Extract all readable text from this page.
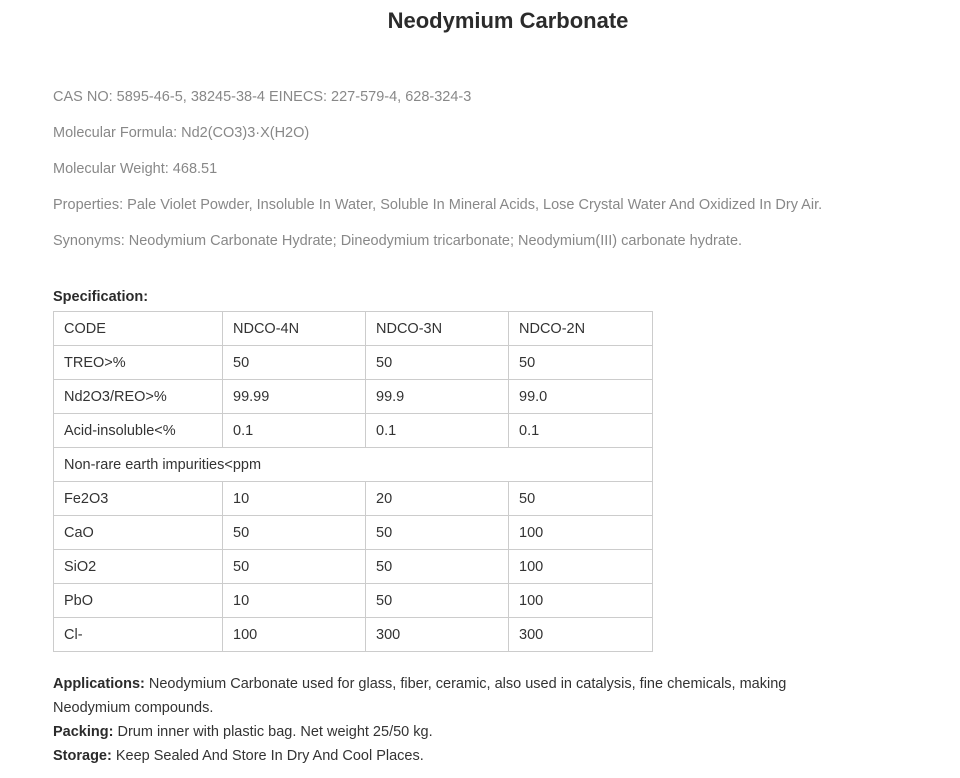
Neodymium Carbonate
CAS NO: 5895-46-5, 38245-38-4 EINECS: 227-579-4, 628-324-3
Molecular Formula: Nd2(CO3)3·X(H2O)
Molecular Weight: 468.51
Properties: Pale Violet Powder, Insoluble In Water, Soluble In Mineral Acids, Lose Crystal Water And Oxidized In Dry Air.
Synonyms: Neodymium Carbonate Hydrate; Dineodymium tricarbonate; Neodymium(III) carbonate hydrate.
Specification:
CODE	NDCO-4N	NDCO-3N	NDCO-2N
TREO>%	50	50	50
Nd2O3/REO>%	99.99	99.9	99.0
Acid-insoluble<%	0.1	0.1	0.1
Non-rare earth impurities<ppm			
Fe2O3	10	20	50
CaO	50	50	100
SiO2	50	50	100
PbO	10	50	100
Cl-	100	300	300

Applications: Neodymium Carbonate used for glass, fiber, ceramic, also used in catalysis, fine chemicals, making Neodymium compounds.

Packing: Drum inner with plastic bag. Net weight 25/50 kg.

Storage: Keep Sealed And Store In Dry And Cool Places.
